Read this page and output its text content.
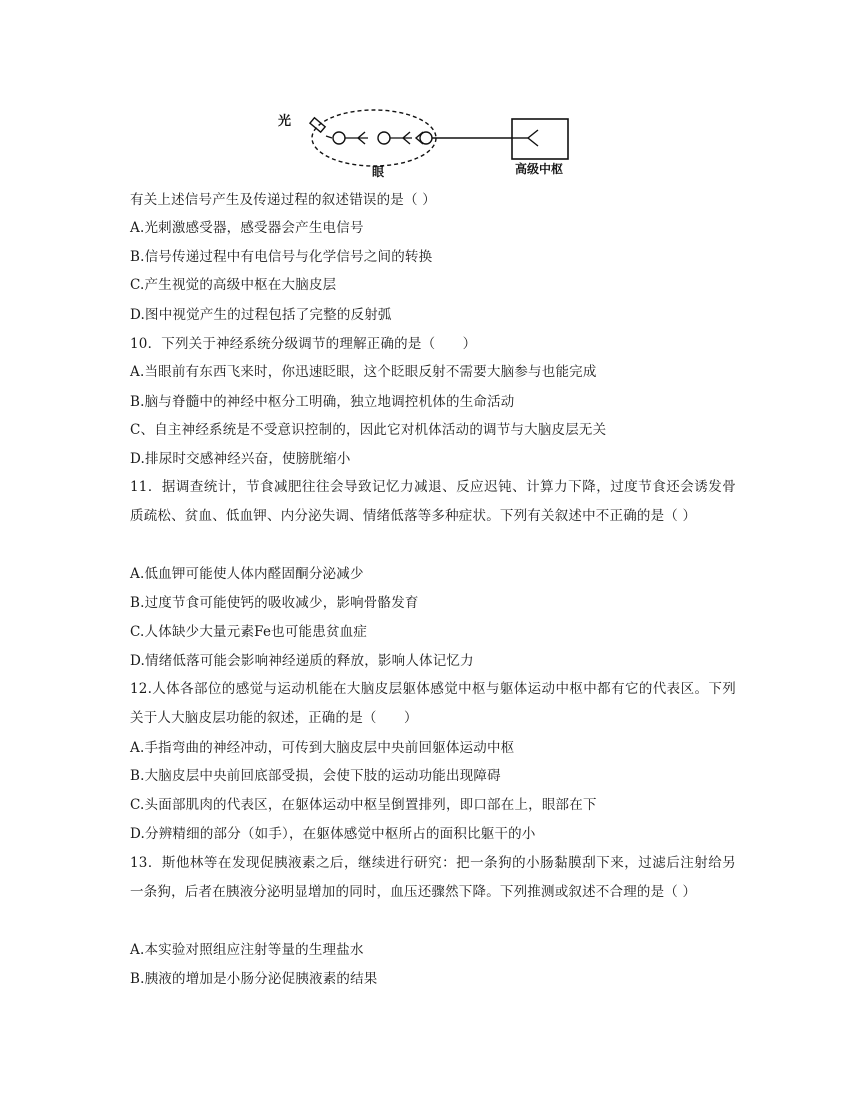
光
眼	高级中枢
有关上述信号产生及传递过程的叙述错误的是（ ）
A.光刺激感受器，感受器会产生电信号
B.信号传递过程中有电信号与化学信号之间的转换
C.产生视觉的高级中枢在大脑皮层
D.图中视觉产生的过程包括了完整的反射弧
10．下列关于神经系统分级调节的理解正确的是（　　）
A.当眼前有东西飞来时，你迅速眨眼，这个眨眼反射不需要大脑参与也能完成
B.脑与脊髓中的神经中枢分工明确，独立地调控机体的生命活动
C、自主神经系统是不受意识控制的，因此它对机体活动的调节与大脑皮层无关
D.排尿时交感神经兴奋，使膀胱缩小
11．据调查统计，节食减肥往往会导致记忆力减退、反应迟钝、计算力下降，过度节食还会诱发骨质疏松、贫血、低血钾、内分泌失调、情绪低落等多种症状。下列有关叙述中不正确的是（ ）
A.低血钾可能使人体内醛固酮分泌减少
B.过度节食可能使钙的吸收减少，影响骨骼发育
C.人体缺少大量元素Fe也可能患贫血症
D.情绪低落可能会影响神经递质的释放，影响人体记忆力
12.人体各部位的感觉与运动机能在大脑皮层躯体感觉中枢与躯体运动中枢中都有它的代表区。下列关于人大脑皮层功能的叙述，正确的是（　　）
A.手指弯曲的神经冲动，可传到大脑皮层中央前回躯体运动中枢
B.大脑皮层中央前回底部受损，会使下肢的运动功能出现障碍
C.头面部肌肉的代表区，在躯体运动中枢呈倒置排列，即口部在上，眼部在下
D.分辨精细的部分（如手），在躯体感觉中枢所占的面积比躯干的小
13．斯他林等在发现促胰液素之后，继续进行研究：把一条狗的小肠黏膜刮下来，过滤后注射给另一条狗，后者在胰液分泌明显增加的同时，血压还骤然下降。下列推测或叙述不合理的是（ ）
A.本实验对照组应注射等量的生理盐水
B.胰液的增加是小肠分泌促胰液素的结果
